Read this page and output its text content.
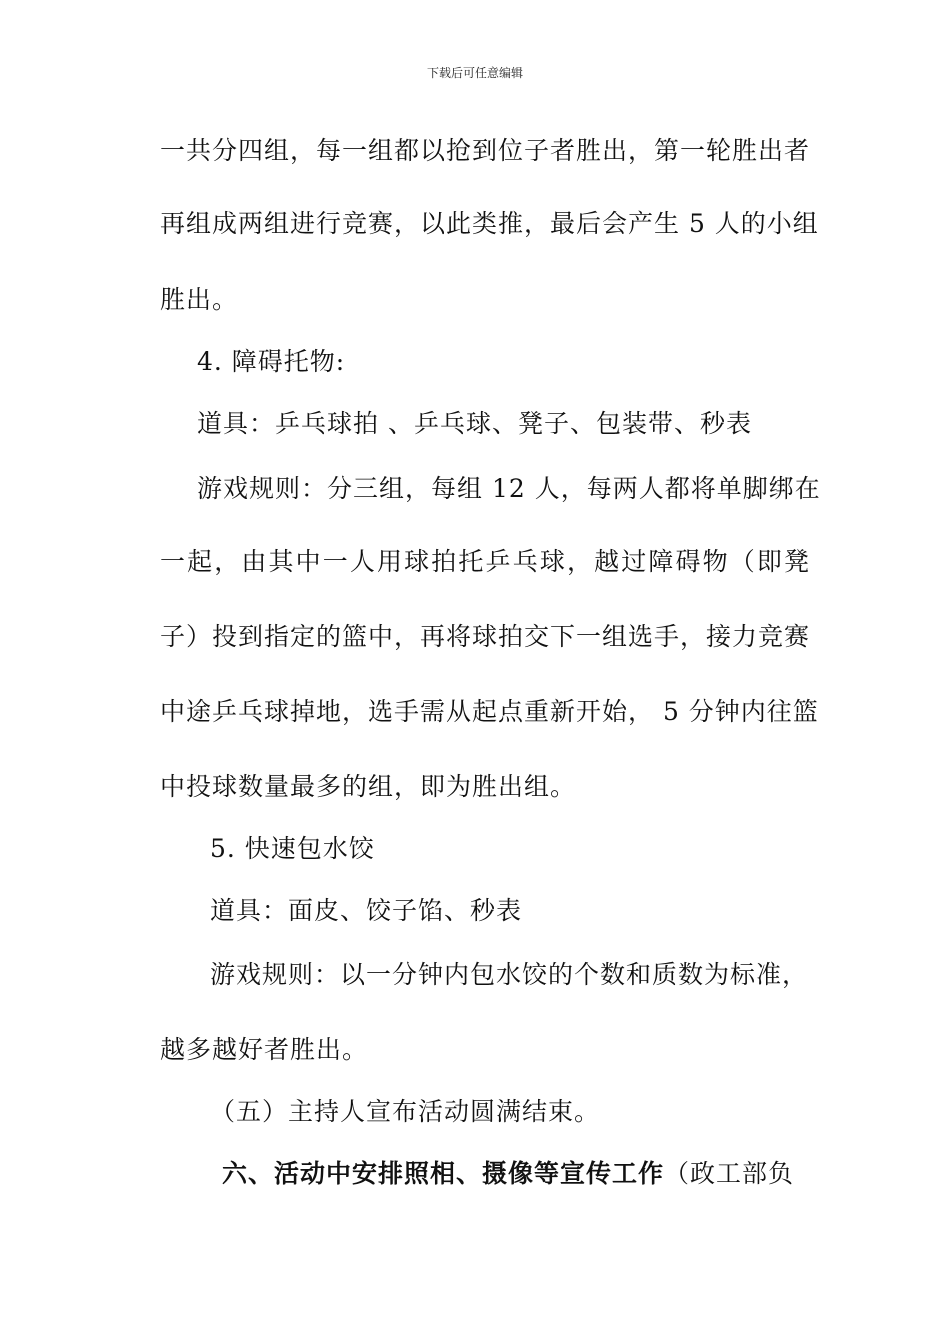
下载后可任意编辑
一共分四组，每一组都以抢到位子者胜出，第一轮胜出者
再组成两组进行竞赛，以此类推，最后会产生 5 人的小组
胜出。
4. 障碍托物:
道具：乒乓球拍 、乒乓球、凳子、包装带、秒表
游戏规则：分三组，每组 12 人，每两人都将单脚绑在
一起，由其中一人用球拍托乒乓球，越过障碍物（即凳
子）投到指定的篮中，再将球拍交下一组选手，接力竞赛
中途乒乓球掉地，选手需从起点重新开始， 5 分钟内往篮
中投球数量最多的组，即为胜出组。
5. 快速包水饺
道具：面皮、饺子馅、秒表
游戏规则：以一分钟内包水饺的个数和质数为标准，
越多越好者胜出。
（五）主持人宣布活动圆满结束。
六、活动中安排照相、摄像等宣传工作（政工部负
